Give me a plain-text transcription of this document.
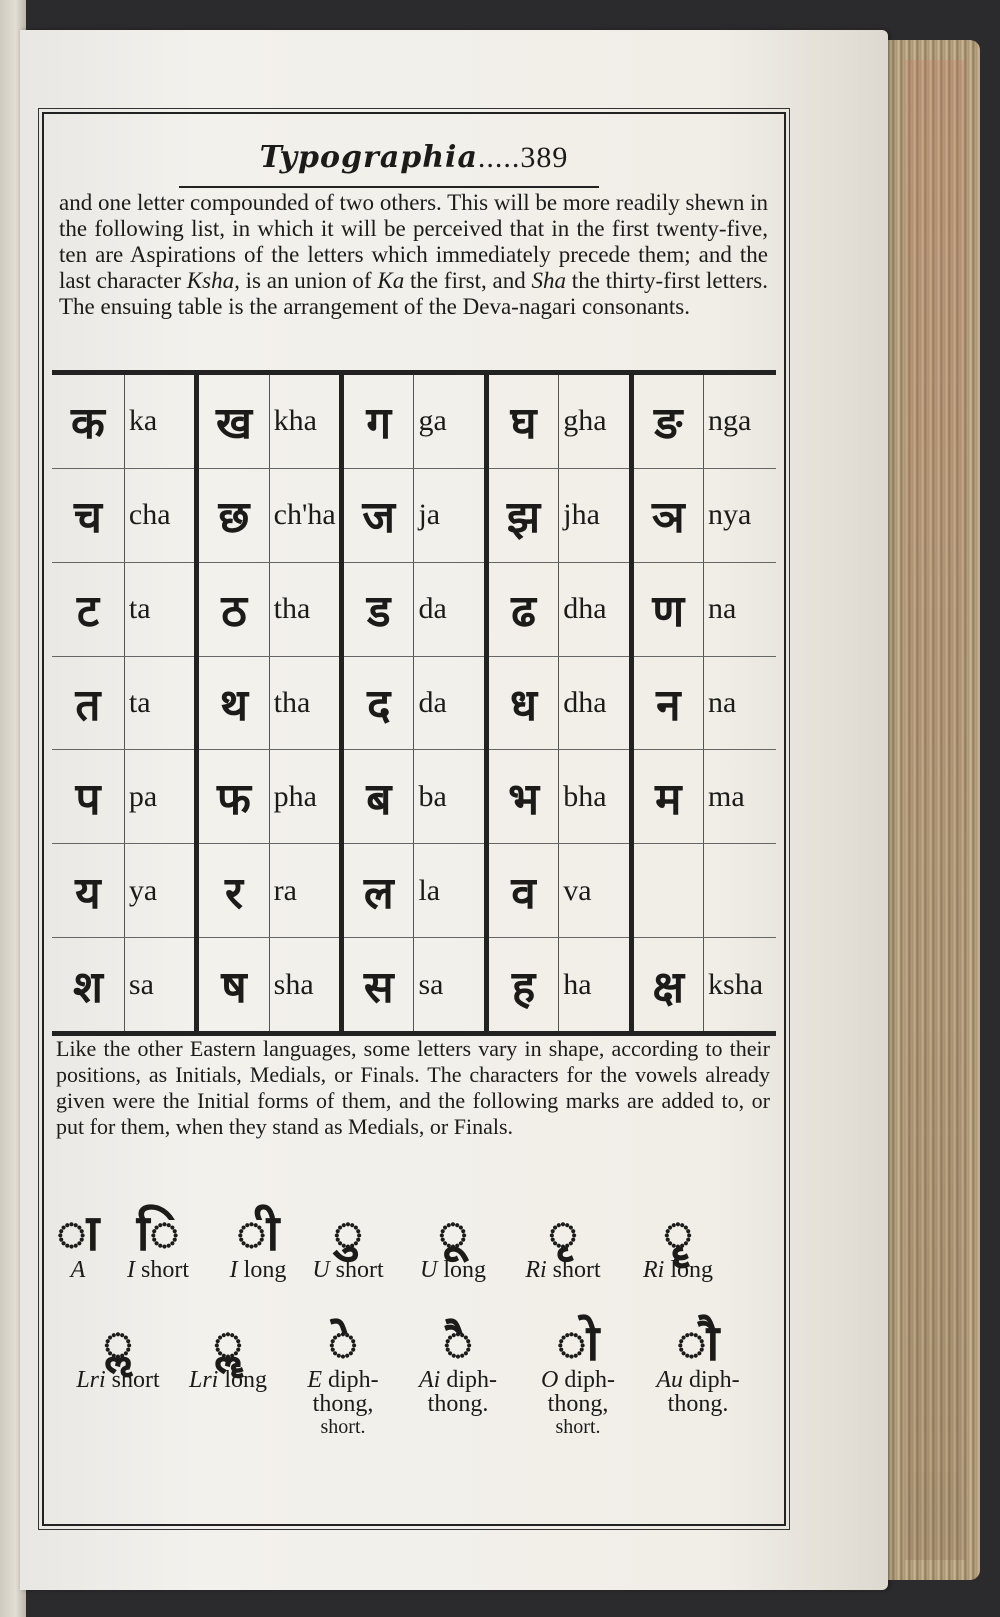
Typographia.....389

and one letter compounded of two others. This will be more readily shewn in the following list, in which it will be perceived that in the first twenty-five, ten are Aspirations of the letters which immediately precede them; and the last character Ksha, is an union of Ka the first, and Sha the thirty-first letters. The ensuing table is the arrangement of the Deva-nagari consonants.

क	ka	ख	kha	ग	ga	घ	gha	ङ	nga
च	cha	छ	ch'ha	ज	ja	झ	jha	ञ	nya
ट	ta	ठ	tha	ड	da	ढ	dha	ण	na
त	ta	थ	tha	द	da	ध	dha	न	na
प	pa	फ	pha	ब	ba	भ	bha	म	ma
य	ya	र	ra	ल	la	व	va		
श	sa	ष	sha	स	sa	ह	ha	क्ष	ksha

Like the other Eastern languages, some letters vary in shape, according to their positions, as Initials, Medials, or Finals. The characters for the vowels already given were the Initial forms of them, and the following marks are added to, or put for them, when they stand as Medials, or Finals.

◌ा
A
◌ि
I short
◌ी
I long
◌ु
U short
◌ू
U long
◌ृ
Ri short
◌ॄ
Ri long
◌ॢ
Lri short
◌ॣ
Lri long
◌े
E diph-
thong,
short.
◌ै
Ai diph-
thong.
◌ो
O diph-
thong,
short.
◌ौ
Au diph-
thong.
